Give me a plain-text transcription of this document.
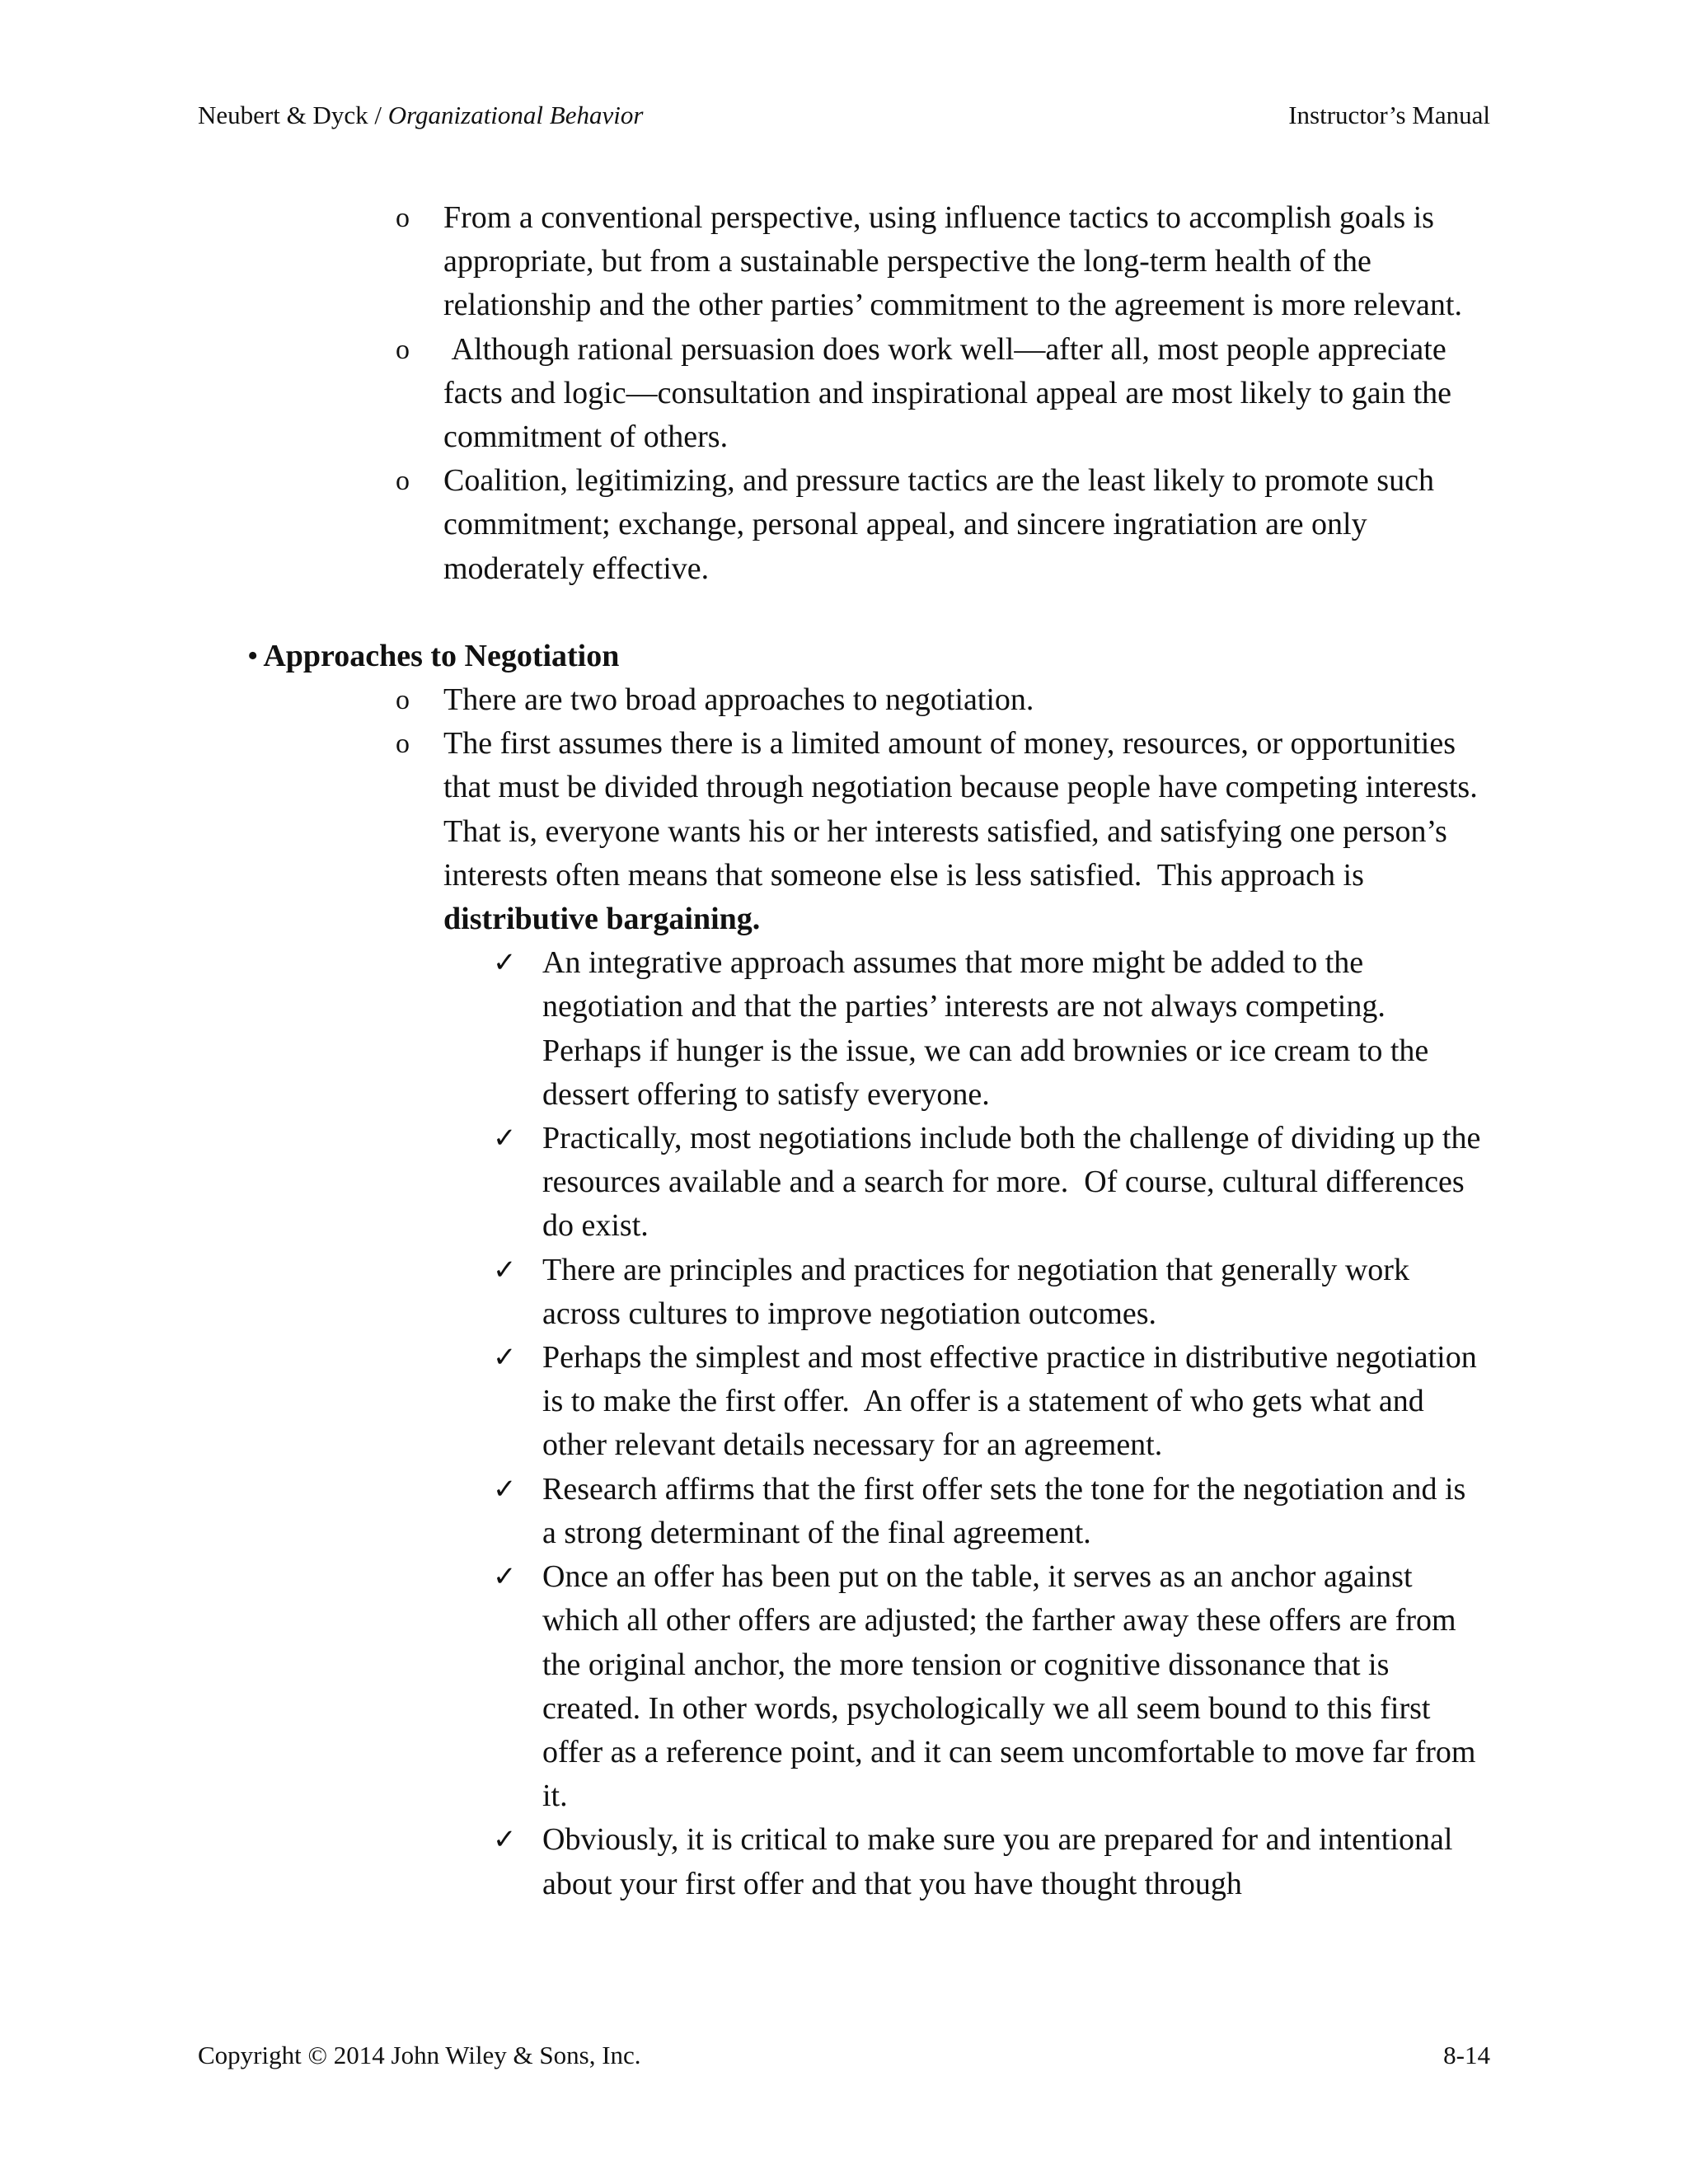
Neubert & Dyck / Organizational Behavior	Instructor’s Manual
o From a conventional perspective, using influence tactics to accomplish goals is appropriate, but from a sustainable perspective the long-term health of the relationship and the other parties’ commitment to the agreement is more relevant.
o Although rational persuasion does work well—after all, most people appreciate facts and logic—consultation and inspirational appeal are most likely to gain the commitment of others.
o Coalition, legitimizing, and pressure tactics are the least likely to promote such commitment; exchange, personal appeal, and sincere ingratiation are only moderately effective.
• Approaches to Negotiation
o There are two broad approaches to negotiation.
o The first assumes there is a limited amount of money, resources, or opportunities that must be divided through negotiation because people have competing interests.  That is, everyone wants his or her interests satisfied, and satisfying one person’s interests often means that someone else is less satisfied.  This approach is distributive bargaining.
✓ An integrative approach assumes that more might be added to the negotiation and that the parties’ interests are not always competing.  Perhaps if hunger is the issue, we can add brownies or ice cream to the dessert offering to satisfy everyone.
✓ Practically, most negotiations include both the challenge of dividing up the resources available and a search for more.  Of course, cultural differences do exist.
✓ There are principles and practices for negotiation that generally work across cultures to improve negotiation outcomes.
✓ Perhaps the simplest and most effective practice in distributive negotiation is to make the first offer.  An offer is a statement of who gets what and other relevant details necessary for an agreement.
✓ Research affirms that the first offer sets the tone for the negotiation and is a strong determinant of the final agreement.
✓ Once an offer has been put on the table, it serves as an anchor against which all other offers are adjusted; the farther away these offers are from the original anchor, the more tension or cognitive dissonance that is created. In other words, psychologically we all seem bound to this first offer as a reference point, and it can seem uncomfortable to move far from it.
✓ Obviously, it is critical to make sure you are prepared for and intentional about your first offer and that you have thought through
Copyright © 2014 John Wiley & Sons, Inc.	8-14
